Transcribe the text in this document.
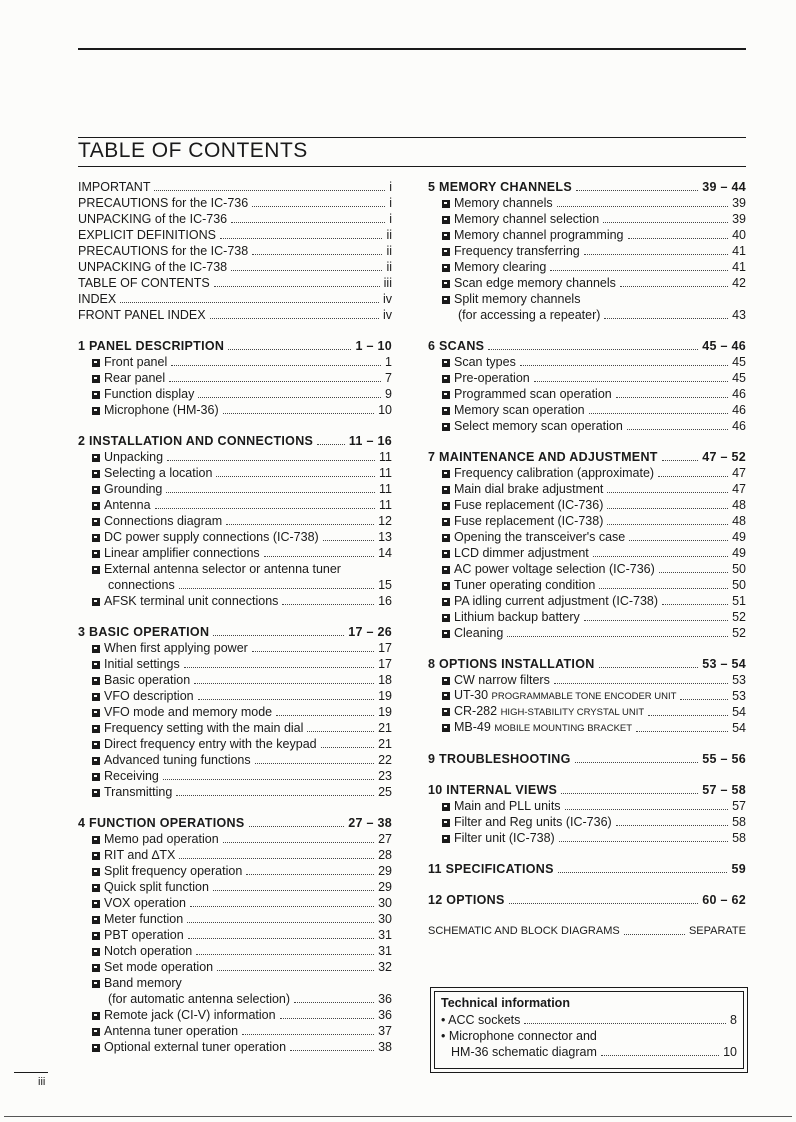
TABLE OF CONTENTS
IMPORTANT	i
PRECAUTIONS for the IC-736	i
UNPACKING of the IC-736	i
EXPLICIT DEFINITIONS	ii
PRECAUTIONS for the IC-738	ii
UNPACKING of the IC-738	ii
TABLE OF CONTENTS	iii
INDEX	iv
FRONT PANEL INDEX	iv
1 PANEL DESCRIPTION	1 – 10
Front panel	1
Rear panel	7
Function display	9
Microphone (HM-36)	10
2 INSTALLATION AND CONNECTIONS	11 – 16
Unpacking	11
Selecting a location	11
Grounding	11
Antenna	11
Connections diagram	12
DC power supply connections (IC-738)	13
Linear amplifier connections	14
External antenna selector or antenna tuner
connections	15
AFSK terminal unit connections	16
3 BASIC OPERATION	17 – 26
When first applying power	17
Initial settings	17
Basic operation	18
VFO description	19
VFO mode and memory mode	19
Frequency setting with the main dial	21
Direct frequency entry with the keypad	21
Advanced tuning functions	22
Receiving	23
Transmitting	25
4 FUNCTION OPERATIONS	27 – 38
Memo pad operation	27
RIT and ∆TX	28
Split frequency operation	29
Quick split function	29
VOX operation	30
Meter function	30
PBT operation	31
Notch operation	31
Set mode operation	32
Band memory
(for automatic antenna selection)	36
Remote jack (CI-V) information	36
Antenna tuner operation	37
Optional external tuner operation	38
5 MEMORY CHANNELS	39 – 44
Memory channels	39
Memory channel selection	39
Memory channel programming	40
Frequency transferring	41
Memory clearing	41
Scan edge memory channels	42
Split memory channels
(for accessing a repeater)	43
6 SCANS	45 – 46
Scan types	45
Pre-operation	45
Programmed scan operation	46
Memory scan operation	46
Select memory scan operation	46
7 MAINTENANCE AND ADJUSTMENT	47 – 52
Frequency calibration (approximate)	47
Main dial brake adjustment	47
Fuse replacement (IC-736)	48
Fuse replacement (IC-738)	48
Opening the transceiver's case	49
LCD dimmer adjustment	49
AC power voltage selection (IC-736)	50
Tuner operating condition	50
PA idling current adjustment (IC-738)	51
Lithium backup battery	52
Cleaning	52
8 OPTIONS INSTALLATION	53 – 54
CW narrow filters	53
UT-30 PROGRAMMABLE TONE ENCODER UNIT	53
CR-282 HIGH-STABILITY CRYSTAL UNIT	54
MB-49 MOBILE MOUNTING BRACKET	54
9 TROUBLESHOOTING	55 – 56
10 INTERNAL VIEWS	57 – 58
Main and PLL units	57
Filter and Reg units (IC-736)	58
Filter unit (IC-738)	58
11 SPECIFICATIONS	59
12 OPTIONS	60 – 62
SCHEMATIC AND BLOCK DIAGRAMS	SEPARATE
Technical information
• ACC sockets	8
• Microphone connector and
HM-36 schematic diagram	10
iii
